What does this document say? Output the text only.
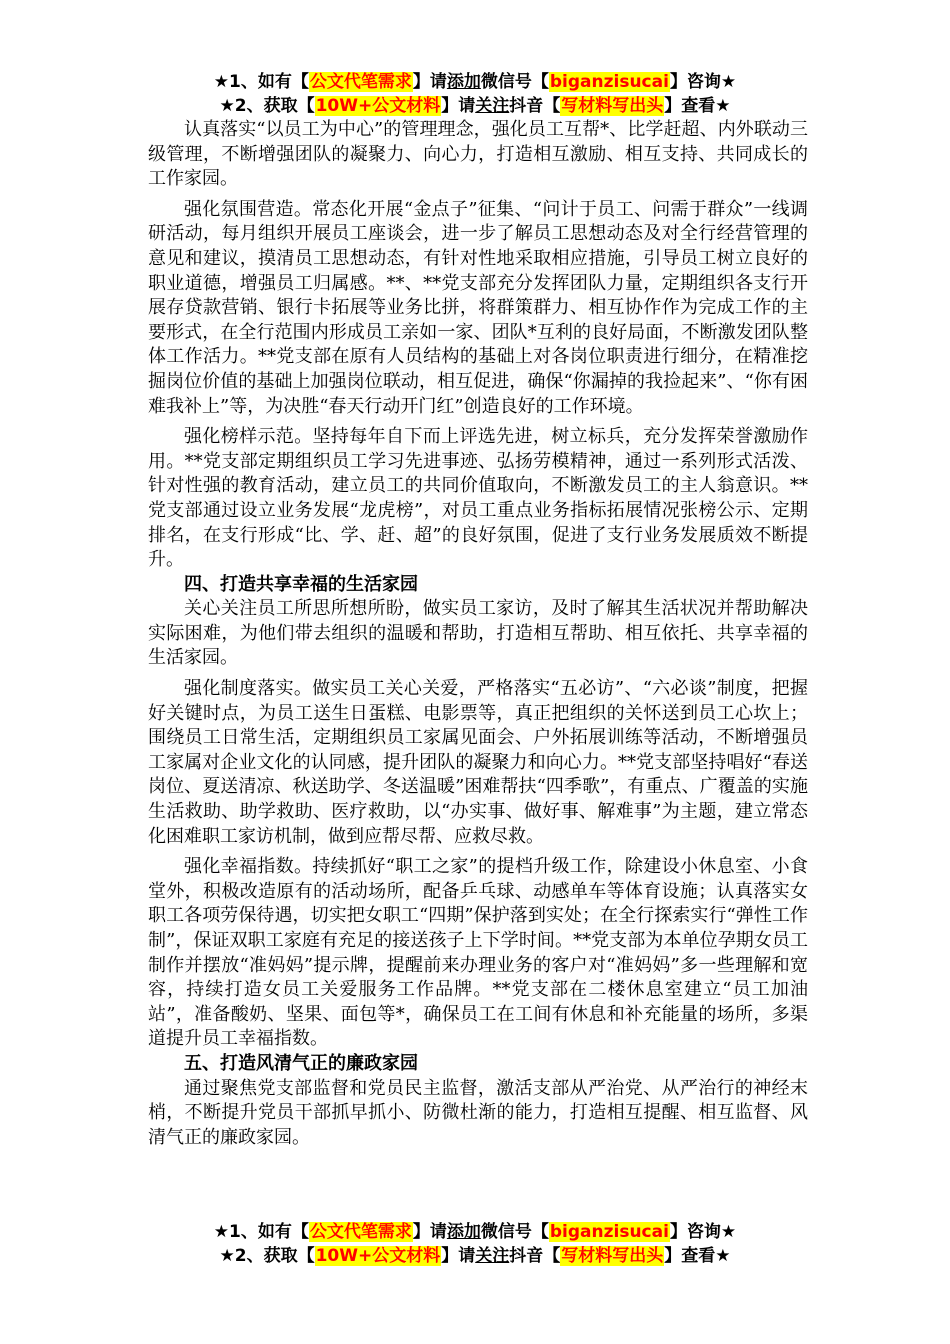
★1、如有【公文代笔需求】请添加微信号【biganzisucai】咨询★
★2、获取【10W+公文材料】请关注抖音【写材料写出头】查看★

认真落实“以员工为中心”的管理理念，强化员工互帮*、比学赶超、内外联动三级管理，不断增强团队的凝聚力、向心力，打造相互激励、相互支持、共同成长的工作家园。

强化氛围营造。常态化开展“金点子”征集、“问计于员工、问需于群众”一线调研活动，每月组织开展员工座谈会，进一步了解员工思想动态及对全行经营管理的意见和建议，摸清员工思想动态，有针对性地采取相应措施，引导员工树立良好的职业道德，增强员工归属感。**、**党支部充分发挥团队力量，定期组织各支行开展存贷款营销、银行卡拓展等业务比拼，将群策群力、相互协作作为完成工作的主要形式，在全行范围内形成员工亲如一家、团队*互利的良好局面，不断激发团队整体工作活力。**党支部在原有人员结构的基础上对各岗位职责进行细分，在精准挖掘岗位价值的基础上加强岗位联动，相互促进，确保“你漏掉的我捡起来”、“你有困难我补上”等，为决胜“春天行动开门红”创造良好的工作环境。

强化榜样示范。坚持每年自下而上评选先进，树立标兵，充分发挥荣誉激励作用。**党支部定期组织员工学习先进事迹、弘扬劳模精神，通过一系列形式活泼、针对性强的教育活动，建立员工的共同价值取向，不断激发员工的主人翁意识。**党支部通过设立业务发展“龙虎榜”，对员工重点业务指标拓展情况张榜公示、定期排名，在支行形成“比、学、赶、超”的良好氛围，促进了支行业务发展质效不断提升。

四、打造共享幸福的生活家园

关心关注员工所思所想所盼，做实员工家访，及时了解其生活状况并帮助解决实际困难，为他们带去组织的温暖和帮助，打造相互帮助、相互依托、共享幸福的生活家园。

强化制度落实。做实员工关心关爱，严格落实“五必访”、“六必谈”制度，把握好关键时点，为员工送生日蛋糕、电影票等，真正把组织的关怀送到员工心坎上；围绕员工日常生活，定期组织员工家属见面会、户外拓展训练等活动，不断增强员工家属对企业文化的认同感，提升团队的凝聚力和向心力。**党支部坚持唱好“春送岗位、夏送清凉、秋送助学、冬送温暖”困难帮扶“四季歌”，有重点、广覆盖的实施生活救助、助学救助、医疗救助，以“办实事、做好事、解难事”为主题，建立常态化困难职工家访机制，做到应帮尽帮、应救尽救。

强化幸福指数。持续抓好“职工之家”的提档升级工作，除建设小休息室、小食堂外，积极改造原有的活动场所，配备乒乓球、动感单车等体育设施；认真落实女职工各项劳保待遇，切实把女职工“四期”保护落到实处；在全行探索实行“弹性工作制”，保证双职工家庭有充足的接送孩子上下学时间。**党支部为本单位孕期女员工制作并摆放“准妈妈”提示牌，提醒前来办理业务的客户对“准妈妈”多一些理解和宽容，持续打造女员工关爱服务工作品牌。**党支部在二楼休息室建立“员工加油站”，准备酸奶、坚果、面包等*，确保员工在工间有休息和补充能量的场所，多渠道提升员工幸福指数。

五、打造风清气正的廉政家园

通过聚焦党支部监督和党员民主监督，激活支部从严治党、从严治行的神经末梢，不断提升党员干部抓早抓小、防微杜渐的能力，打造相互提醒、相互监督、风清气正的廉政家园。

★1、如有【公文代笔需求】请添加微信号【biganzisucai】咨询★
★2、获取【10W+公文材料】请关注抖音【写材料写出头】查看★
